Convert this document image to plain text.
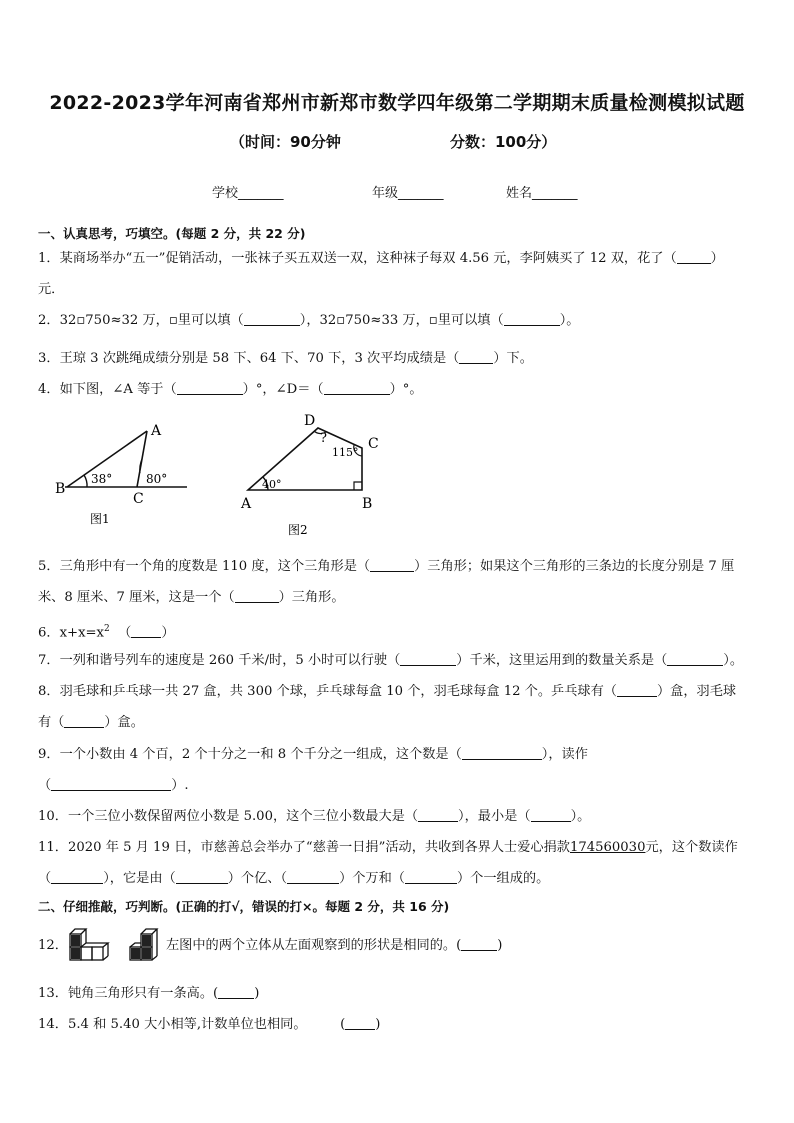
2022-2023学年河南省郑州市新郑市数学四年级第二学期期末质量检测模拟试题
（时间：90分钟	分数：100分）
学校_______	年级_______	姓名_______
一、认真思考，巧填空。(每题 2 分，共 22 分)
1．某商场举办“五一”促销活动，一张袜子买五双送一双，这种袜子每双 4.56 元，李阿姨买了 12 双，花了（	）
元．
2．32▫750≈32 万，▫里可以填（	），32▫750≈33 万，▫里可以填（	）。
3．王琼 3 次跳绳成绩分别是 58 下、64 下、70 下，3 次平均成绩是（	）下。
4．如下图，∠A 等于（	）°，∠D＝（	）°。
A
B
C
38°	80°
图1
D
C
A	B
?
115°
40°
图2
5．三角形中有一个角的度数是 110 度，这个三角形是（	）三角形；如果这个三角形的三条边的长度分别是 7 厘
米、8 厘米、7 厘米，这是一个（	）三角形。
6．$x+x=x^2$ （ ）
7．一列和谐号列车的速度是 260 千米/时，5 小时可以行驶（	）千米，这里运用到的数量关系是（	）。
8．羽毛球和乒乓球一共 27 盒，共 300 个球，乒乓球每盒 10 个，羽毛球每盒 12 个。乒乓球有（	）盒，羽毛球
有（	）盒。
9．一个小数由 4 个百，2 个十分之一和 8 个千分之一组成，这个数是（	），读作
（	）.
10．一个三位小数保留两位小数是 5.00，这个三位小数最大是（	），最小是（	）。
11．2020 年 5 月 19 日，市慈善总会举办了“慈善一日捐”活动，共收到各界人士爱心捐款174560030元，这个数读作
（	），它是由（	）个亿、（	）个万和（	）个一组成的。
二、仔细推敲，巧判断。(正确的打√，错误的打×。每题 2 分，共 16 分)
12．	左图中的两个立体从左面观察到的形状是相同的。(	)
13．钝角三角形只有一条高。(	)
14．5.4 和 5.40 大小相等,计数单位也相同。	( )
